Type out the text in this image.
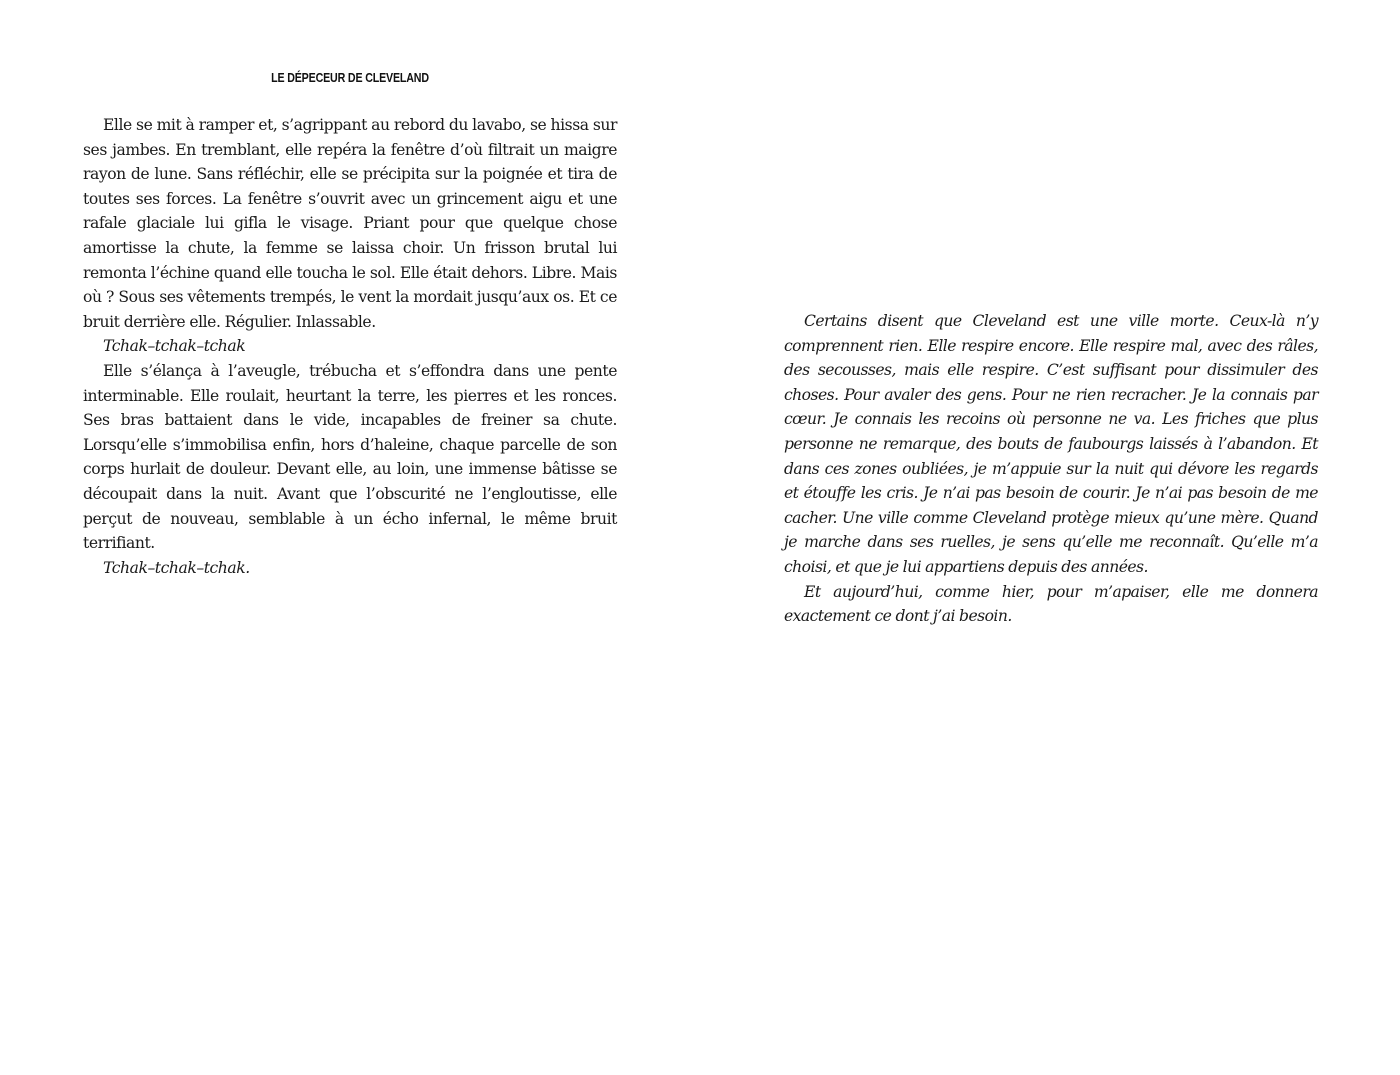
LE DÉPECEUR DE CLEVELAND

Elle se mit à ramper et, s’agrippant au rebord du lavabo, se hissa sur ses jambes. En tremblant, elle repéra la fenêtre d’où filtrait un maigre rayon de lune. Sans réfléchir, elle se précipita sur la poignée et tira de toutes ses forces. La fenêtre s’ouvrit avec un grincement aigu et une rafale glaciale lui gifla le visage. Priant pour que quelque chose amortisse la chute, la femme se laissa choir. Un frisson brutal lui remonta l’échine quand elle toucha le sol. Elle était dehors. Libre. Mais où ? Sous ses vêtements trempés, le vent la mordait jusqu’aux os. Et ce bruit derrière elle. Régulier. Inlassable.

Tchak–tchak–tchak

Elle s’élança à l’aveugle, trébucha et s’effondra dans une pente interminable. Elle roulait, heurtant la terre, les pierres et les ronces. Ses bras battaient dans le vide, incapables de freiner sa chute. Lorsqu’elle s’immobilisa enfin, hors d’haleine, chaque parcelle de son corps hurlait de douleur. Devant elle, au loin, une immense bâtisse se découpait dans la nuit. Avant que l’obscurité ne l’engloutisse, elle perçut de nouveau, semblable à un écho infernal, le même bruit terrifiant.

Tchak–tchak–tchak.

Certains disent que Cleveland est une ville morte. Ceux-là n’y comprennent rien. Elle respire encore. Elle respire mal, avec des râles, des secousses, mais elle respire. C’est suffisant pour dissimuler des choses. Pour avaler des gens. Pour ne rien recracher. Je la connais par cœur. Je connais les recoins où personne ne va. Les friches que plus personne ne remarque, des bouts de faubourgs laissés à l’abandon. Et dans ces zones oubliées, je m’appuie sur la nuit qui dévore les regards et étouffe les cris. Je n’ai pas besoin de courir. Je n’ai pas besoin de me cacher. Une ville comme Cleveland protège mieux qu’une mère. Quand je marche dans ses ruelles, je sens qu’elle me reconnaît. Qu’elle m’a choisi, et que je lui appartiens depuis des années.

Et aujourd’hui, comme hier, pour m’apaiser, elle me donnera exactement ce dont j’ai besoin.
